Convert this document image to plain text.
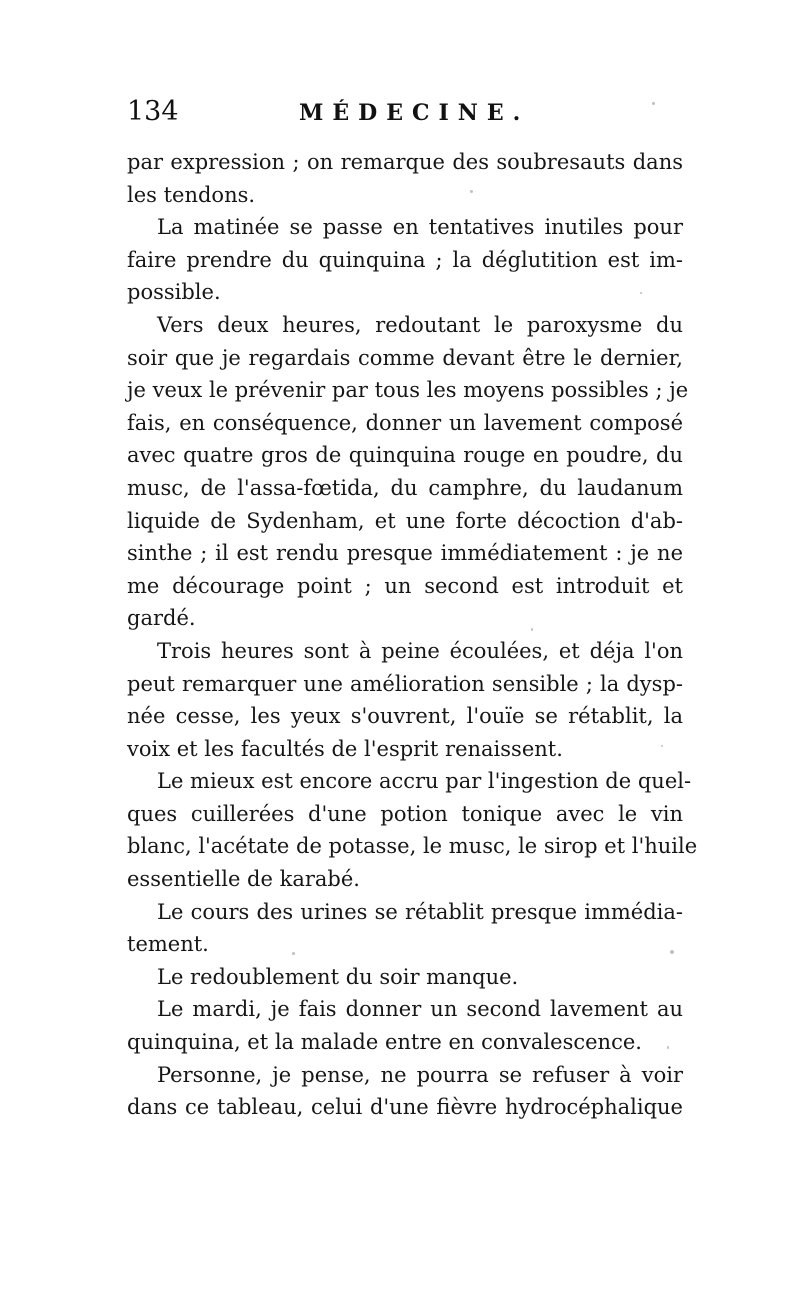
134	MÉDECINE.
par expression ; on remarque des soubresauts dans
les tendons.
La matinée se passe en tentatives inutiles pour
faire prendre du quinquina ; la déglutition est im-
possible.
Vers deux heures, redoutant le paroxysme du
soir que je regardais comme devant être le dernier,
je veux le prévenir par tous les moyens possibles ; je
fais, en conséquence, donner un lavement composé
avec quatre gros de quinquina rouge en poudre, du
musc, de l'assa-fœtida, du camphre, du laudanum
liquide de Sydenham, et une forte décoction d'ab-
sinthe ; il est rendu presque immédiatement : je ne
me décourage point ; un second est introduit et
gardé.
Trois heures sont à peine écoulées, et déja l'on
peut remarquer une amélioration sensible ; la dysp-
née cesse, les yeux s'ouvrent, l'ouïe se rétablit, la
voix et les facultés de l'esprit renaissent.
Le mieux est encore accru par l'ingestion de quel-
ques cuillerées d'une potion tonique avec le vin
blanc, l'acétate de potasse, le musc, le sirop et l'huile
essentielle de karabé.
Le cours des urines se rétablit presque immédia-
tement.
Le redoublement du soir manque.
Le mardi, je fais donner un second lavement au
quinquina, et la malade entre en convalescence.
Personne, je pense, ne pourra se refuser à voir
dans ce tableau, celui d'une fièvre hydrocéphalique
